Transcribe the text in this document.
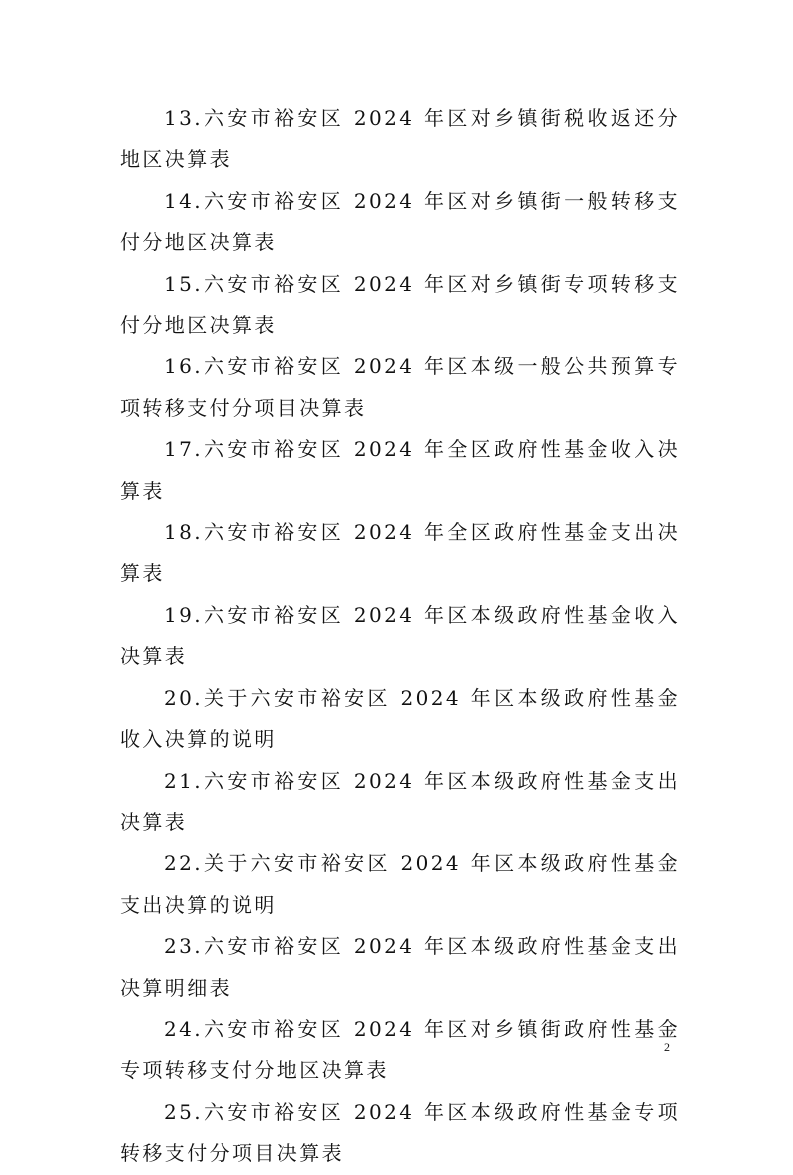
13.六安市裕安区 2024 年区对乡镇街税收返还分地区决算表

14.六安市裕安区 2024 年区对乡镇街一般转移支付分地区决算表

15.六安市裕安区 2024 年区对乡镇街专项转移支付分地区决算表

16.六安市裕安区 2024 年区本级一般公共预算专项转移支付分项目决算表

17.六安市裕安区 2024 年全区政府性基金收入决算表

18.六安市裕安区 2024 年全区政府性基金支出决算表

19.六安市裕安区 2024 年区本级政府性基金收入决算表

20.关于六安市裕安区 2024 年区本级政府性基金收入决算的说明

21.六安市裕安区 2024 年区本级政府性基金支出决算表

22.关于六安市裕安区 2024 年区本级政府性基金支出决算的说明

23.六安市裕安区 2024 年区本级政府性基金支出决算明细表

24.六安市裕安区 2024 年区对乡镇街政府性基金专项转移支付分地区决算表

25.六安市裕安区 2024 年区本级政府性基金专项转移支付分项目决算表

2
